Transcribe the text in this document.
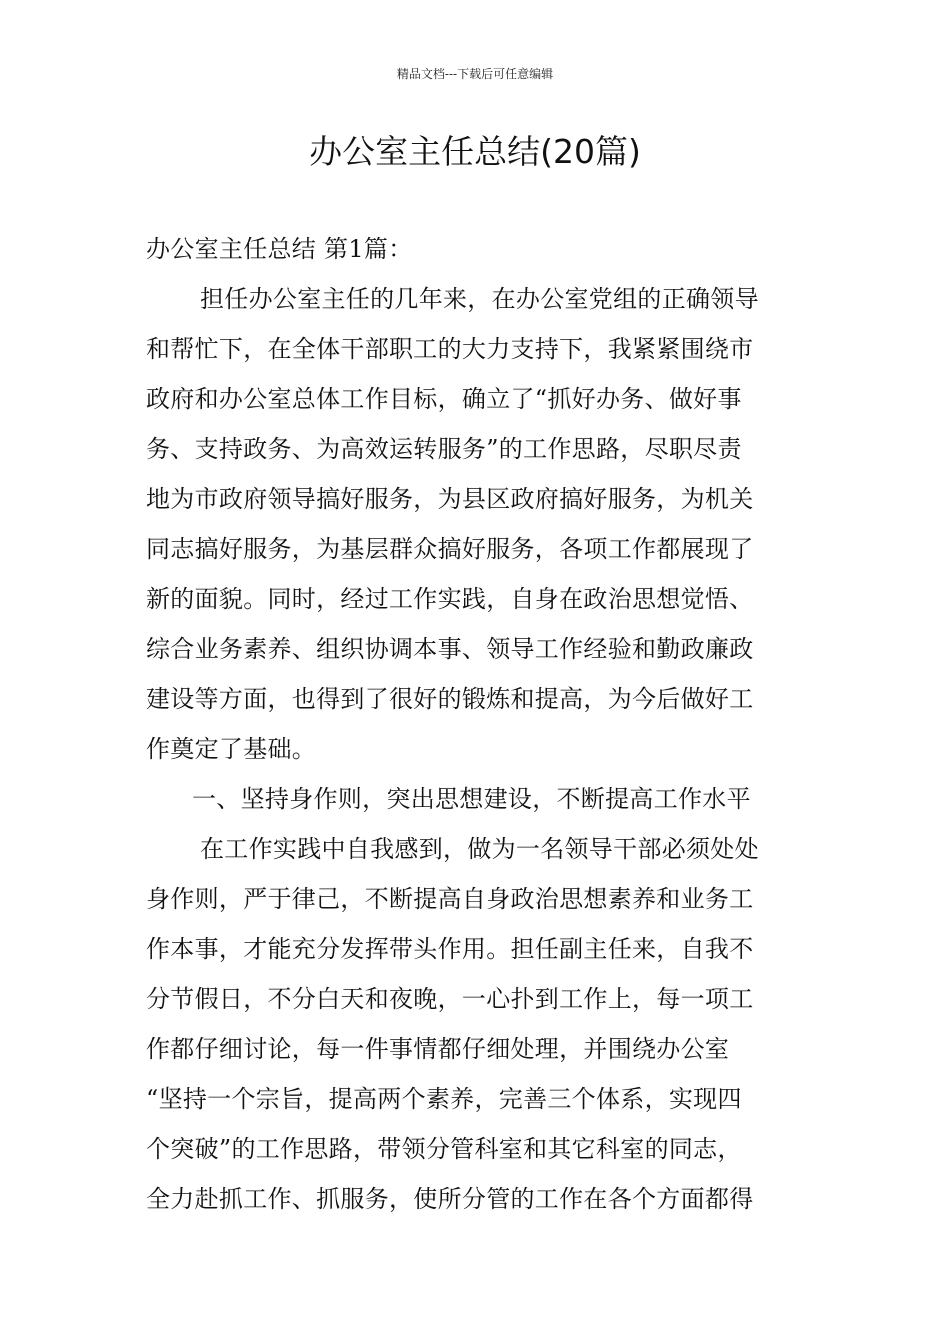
精品文档---下载后可任意编辑
办公室主任总结(20篇)
办公室主任总结 第1篇：
担任办公室主任的几年来，在办公室党组的正确领导
和帮忙下，在全体干部职工的大力支持下，我紧紧围绕市
政府和办公室总体工作目标，确立了“抓好办务、做好事
务、支持政务、为高效运转服务”的工作思路，尽职尽责
地为市政府领导搞好服务，为县区政府搞好服务，为机关
同志搞好服务，为基层群众搞好服务，各项工作都展现了
新的面貌。同时，经过工作实践，自身在政治思想觉悟、
综合业务素养、组织协调本事、领导工作经验和勤政廉政
建设等方面，也得到了很好的锻炼和提高，为今后做好工
作奠定了基础。
一、坚持身作则，突出思想建设，不断提高工作水平
在工作实践中自我感到，做为一名领导干部必须处处
身作则，严于律己，不断提高自身政治思想素养和业务工
作本事，才能充分发挥带头作用。担任副主任来，自我不
分节假日，不分白天和夜晚，一心扑到工作上，每一项工
作都仔细讨论，每一件事情都仔细处理，并围绕办公室
“坚持一个宗旨，提高两个素养，完善三个体系，实现四
个突破”的工作思路，带领分管科室和其它科室的同志，
全力赴抓工作、抓服务，使所分管的工作在各个方面都得
